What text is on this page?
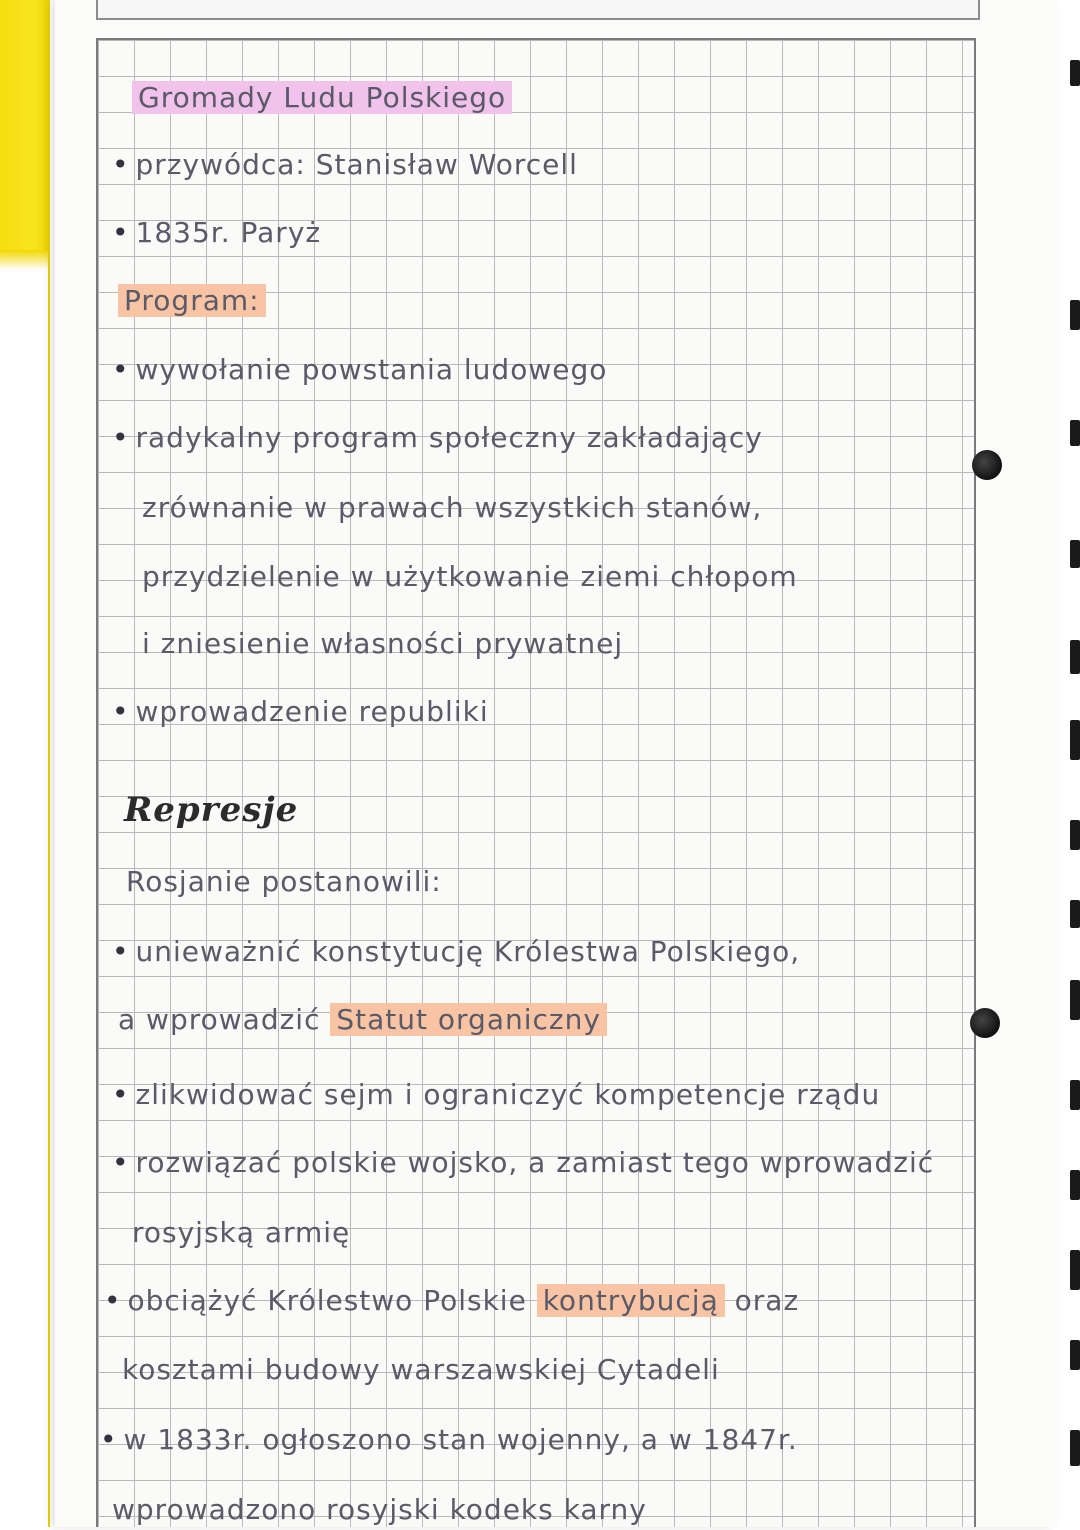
Gromady Ludu Polskiego
• przywódca: Stanisław Worcell
• 1835r. Paryż
Program:
• wywołanie powstania ludowego
• radykalny program społeczny zakładający
zrównanie w prawach wszystkich stanów,
przydzielenie w użytkowanie ziemi chłopom
i zniesienie własności prywatnej
• wprowadzenie republiki
Represje
Rosjanie postanowili:
• unieważnić konstytucję Królestwa Polskiego,
a wprowadzić Statut organiczny
• zlikwidować sejm i ograniczyć kompetencje rządu
• rozwiązać polskie wojsko, a zamiast tego wprowadzić
rosyjską armię
• obciążyć Królestwo Polskie kontrybucją oraz
kosztami budowy warszawskiej Cytadeli
• w 1833r. ogłoszono stan wojenny, a w 1847r.
wprowadzono rosyjski kodeks karny
